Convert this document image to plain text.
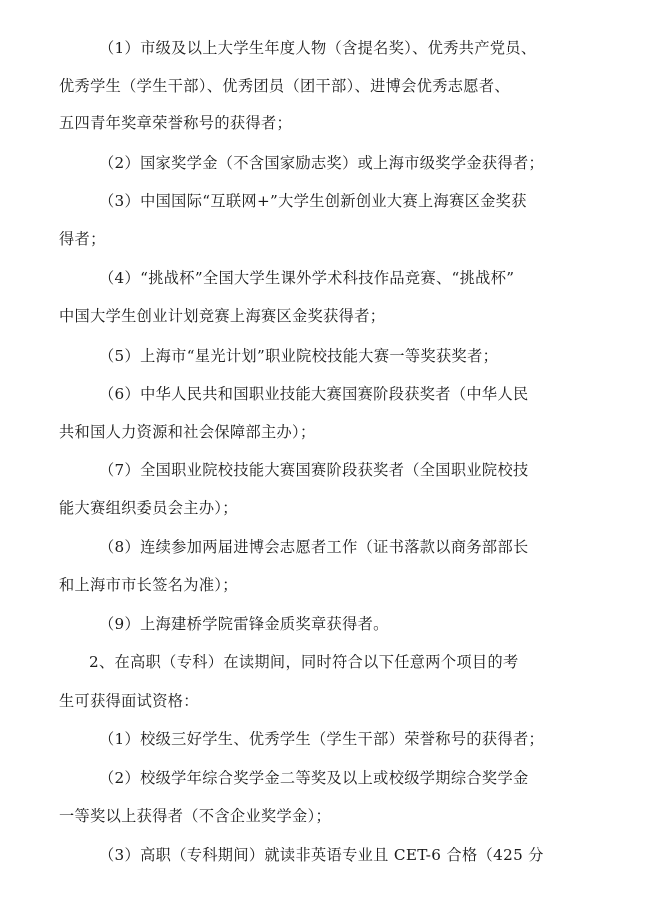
（1）市级及以上大学生年度人物（含提名奖）、优秀共产党员、

优秀学生（学生干部）、优秀团员（团干部）、进博会优秀志愿者、

五四青年奖章荣誉称号的获得者；

（2）国家奖学金（不含国家励志奖）或上海市级奖学金获得者；

（3）中国国际“互联网+”大学生创新创业大赛上海赛区金奖获

得者；

（4）“挑战杯”全国大学生课外学术科技作品竞赛、“挑战杯”

中国大学生创业计划竞赛上海赛区金奖获得者；

（5）上海市“星光计划”职业院校技能大赛一等奖获奖者；

（6）中华人民共和国职业技能大赛国赛阶段获奖者（中华人民

共和国人力资源和社会保障部主办）；

（7）全国职业院校技能大赛国赛阶段获奖者（全国职业院校技

能大赛组织委员会主办）；

（8）连续参加两届进博会志愿者工作（证书落款以商务部部长

和上海市市长签名为准）；

（9）上海建桥学院雷锋金质奖章获得者。

2、在高职（专科）在读期间，同时符合以下任意两个项目的考

生可获得面试资格：

（1）校级三好学生、优秀学生（学生干部）荣誉称号的获得者；

（2）校级学年综合奖学金二等奖及以上或校级学期综合奖学金

一等奖以上获得者（不含企业奖学金）；

（3）高职（专科期间）就读非英语专业且 CET-6 合格（425 分
